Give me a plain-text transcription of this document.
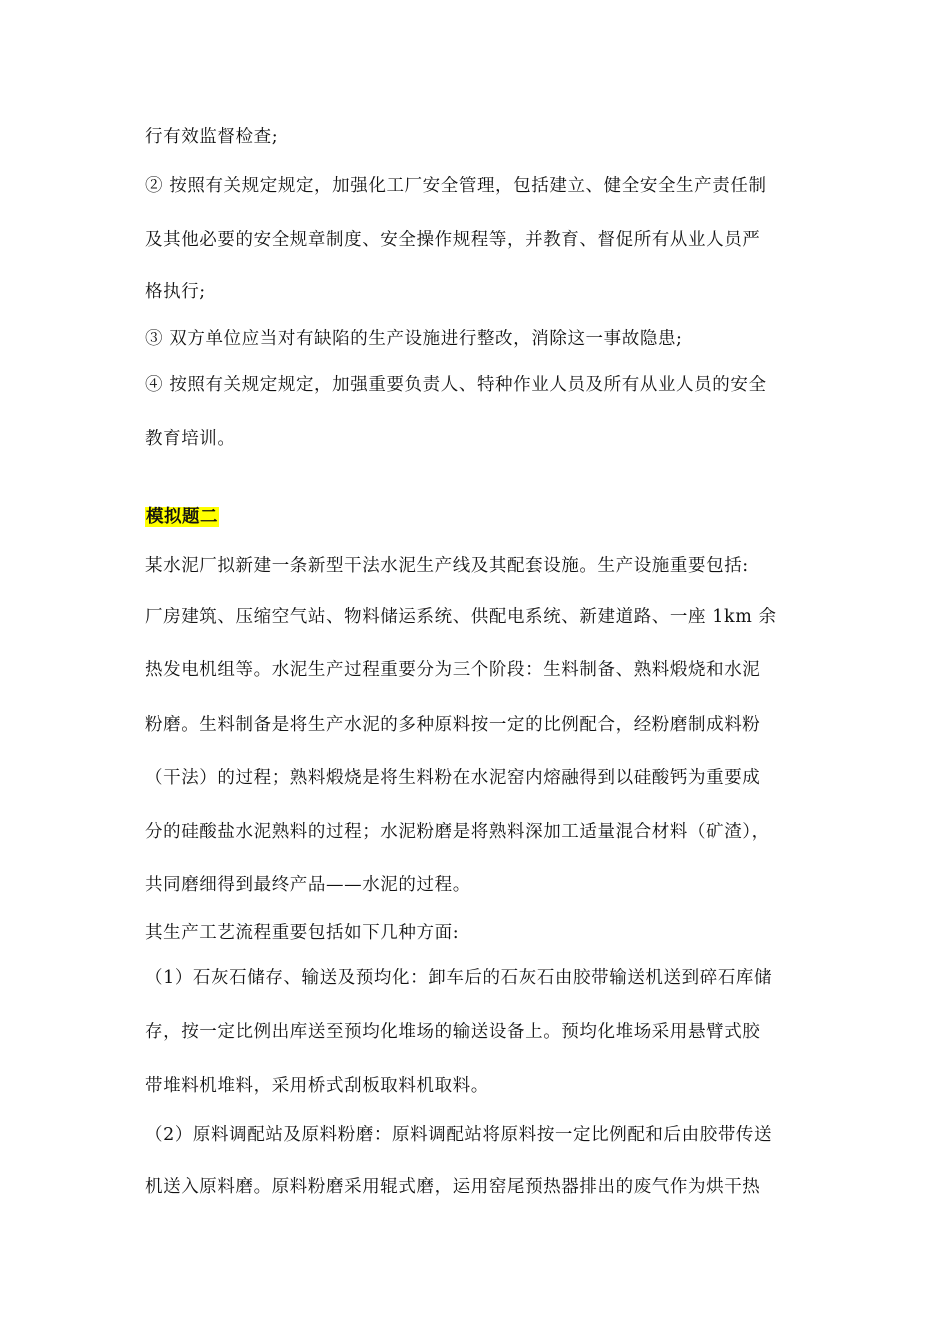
行有效监督检查;
② 按照有关规定规定，加强化工厂安全管理，包括建立、健全安全生产责任制
及其他必要的安全规章制度、安全操作规程等，并教育、督促所有从业人员严
格执行;
③ 双方单位应当对有缺陷的生产设施进行整改，消除这一事故隐患;
④ 按照有关规定规定，加强重要负责人、特种作业人员及所有从业人员的安全
教育培训。
模拟题二
某水泥厂拟新建一条新型干法水泥生产线及其配套设施。生产设施重要包括:
厂房建筑、压缩空气站、物料储运系统、供配电系统、新建道路、一座 1km 余
热发电机组等。水泥生产过程重要分为三个阶段：生料制备、熟料煅烧和水泥
粉磨。生料制备是将生产水泥的多种原料按一定的比例配合，经粉磨制成料粉
（干法）的过程；熟料煅烧是将生料粉在水泥窑内熔融得到以硅酸钙为重要成
分的硅酸盐水泥熟料的过程；水泥粉磨是将熟料深加工适量混合材料（矿渣），
共同磨细得到最终产品——水泥的过程。
其生产工艺流程重要包括如下几种方面:
（1）石灰石储存、输送及预均化：卸车后的石灰石由胶带输送机送到碎石库储
存，按一定比例出库送至预均化堆场的输送设备上。预均化堆场采用悬臂式胶
带堆料机堆料，采用桥式刮板取料机取料。
（2）原料调配站及原料粉磨：原料调配站将原料按一定比例配和后由胶带传送
机送入原料磨。原料粉磨采用辊式磨，运用窑尾预热器排出的废气作为烘干热
